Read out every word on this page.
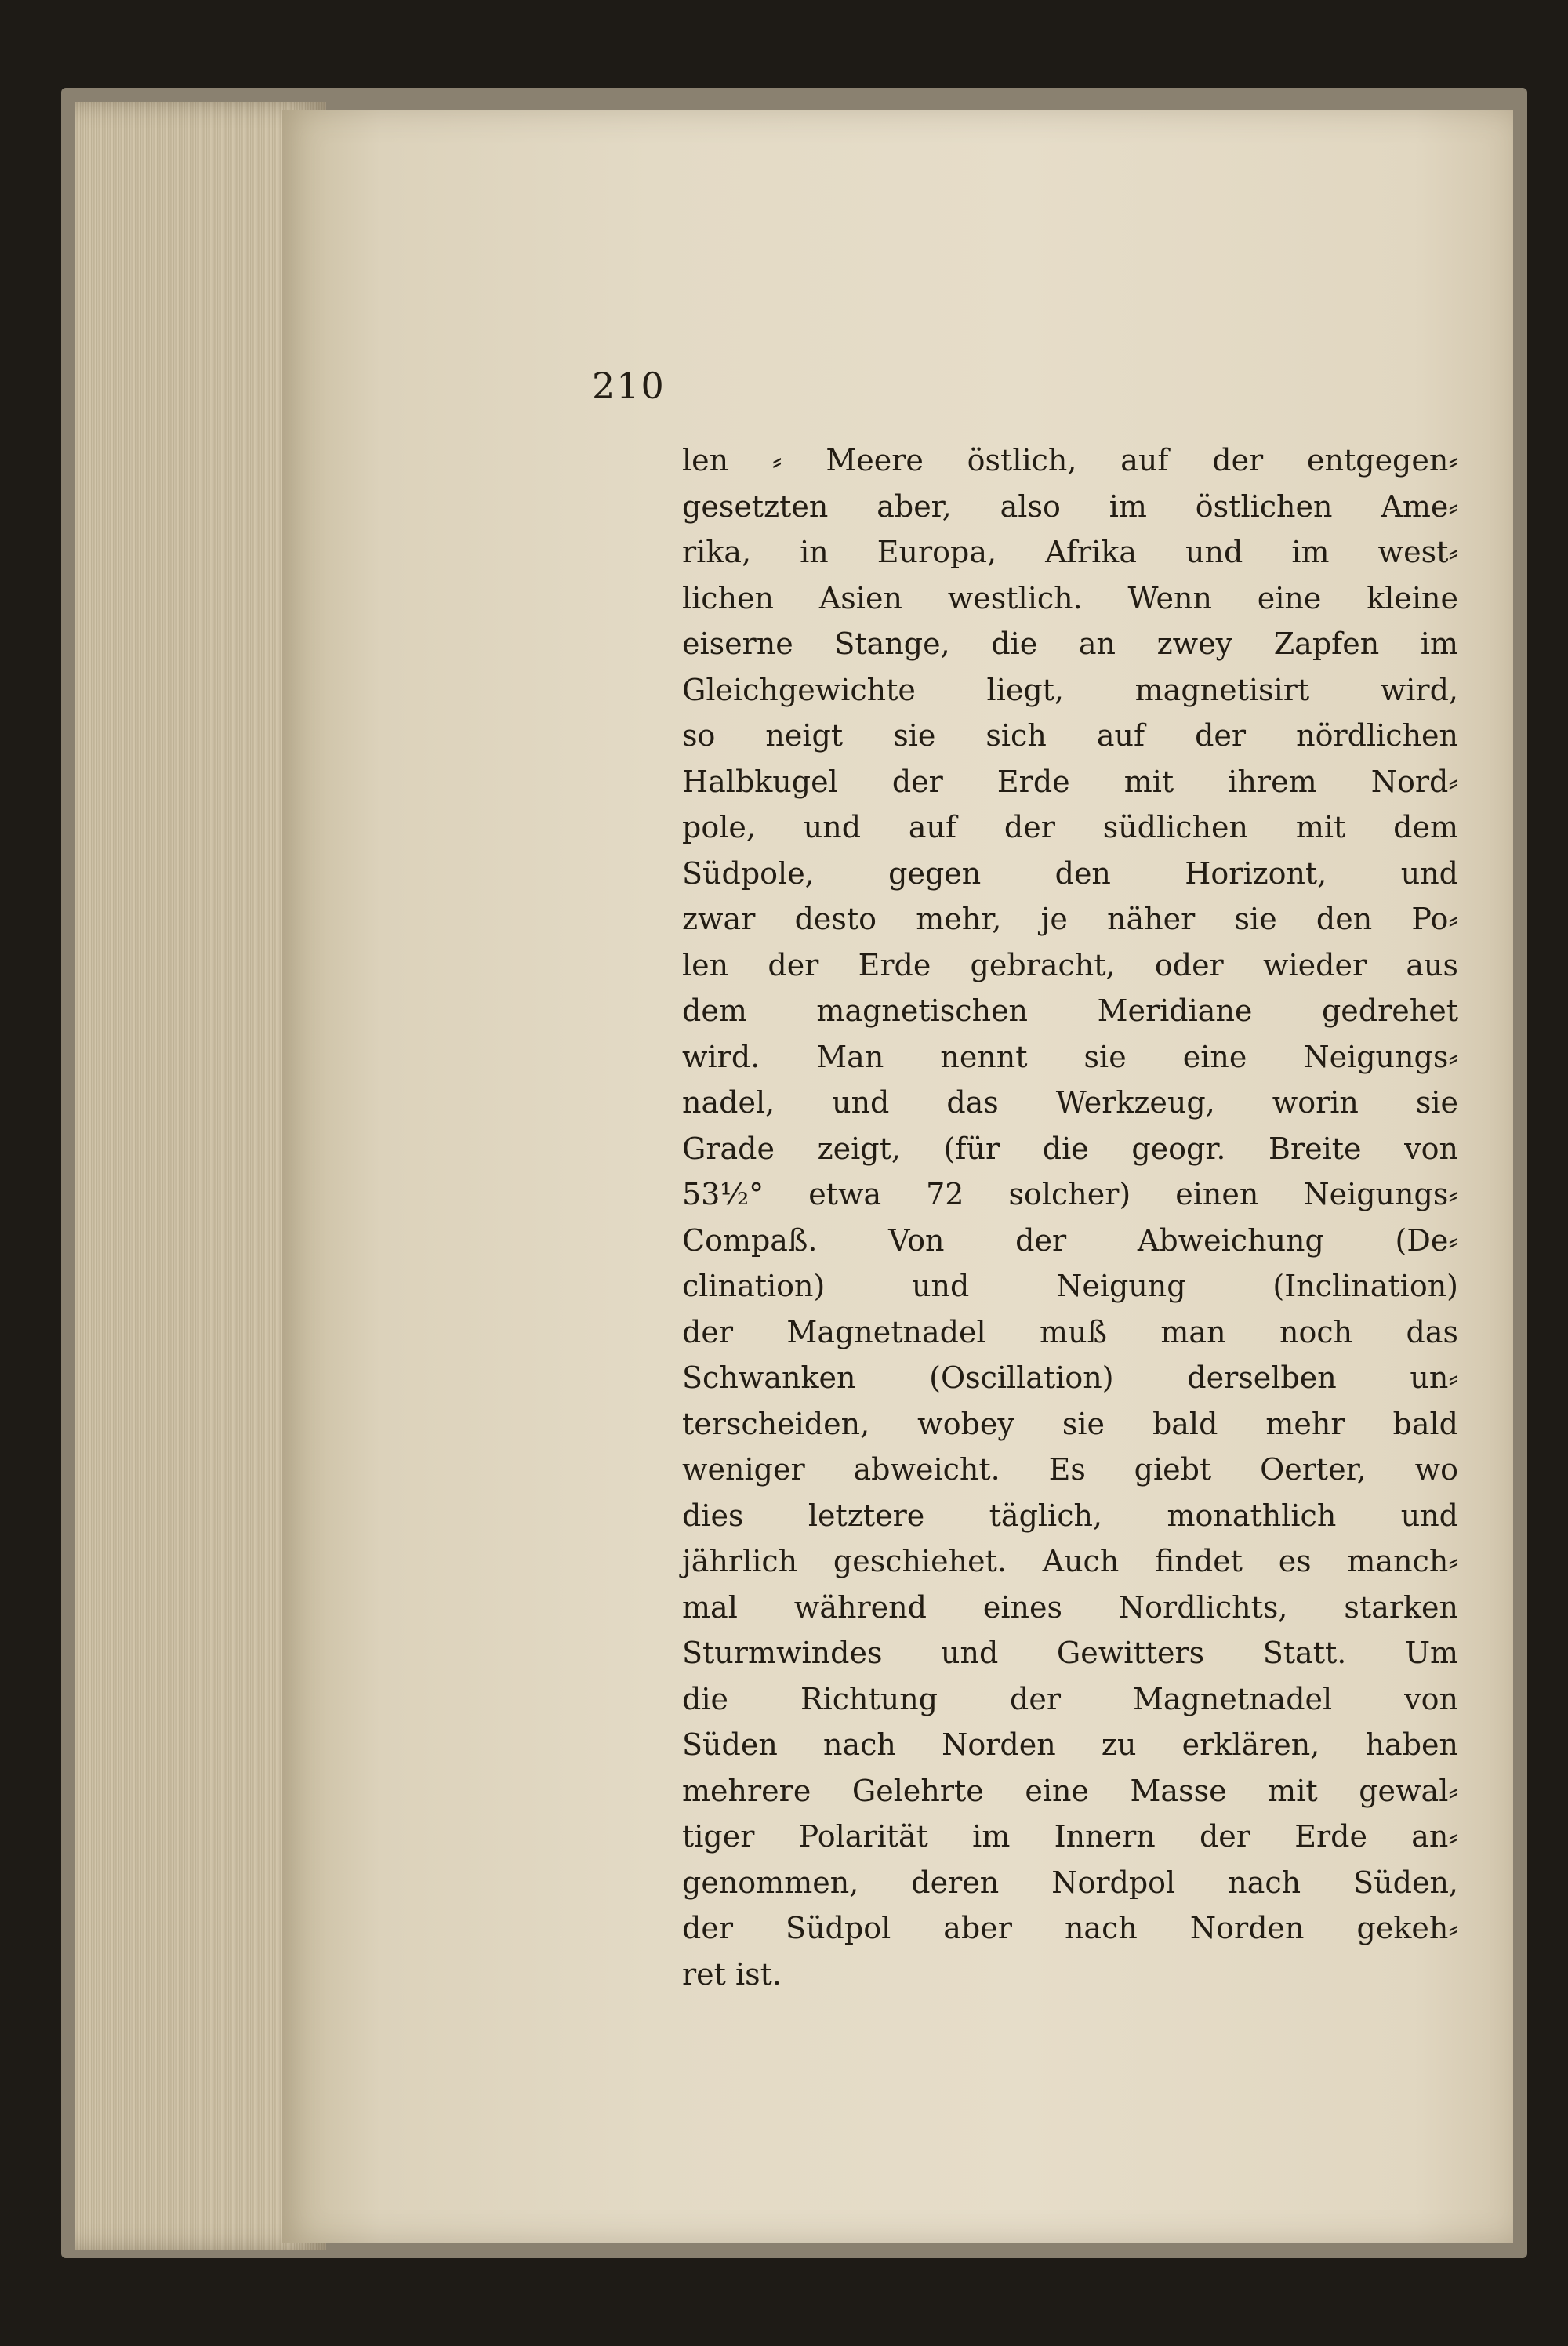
210
len ⸗ Meere östlich, auf der entgegen⸗
gesetzten aber, also im östlichen Ame⸗
rika, in Europa, Afrika und im west⸗
lichen Asien westlich. Wenn eine kleine
eiserne Stange, die an zwey Zapfen im
Gleichgewichte liegt, magnetisirt wird,
so neigt sie sich auf der nördlichen
Halbkugel der Erde mit ihrem Nord⸗
pole, und auf der südlichen mit dem
Südpole, gegen den Horizont, und
zwar desto mehr, je näher sie den Po⸗
len der Erde gebracht, oder wieder aus
dem magnetischen Meridiane gedrehet
wird. Man nennt sie eine Neigungs⸗
nadel, und das Werkzeug, worin sie
Grade zeigt, (für die geogr. Breite von
53½° etwa 72 solcher) einen Neigungs⸗
Compaß. Von der Abweichung (De⸗
clination) und Neigung (Inclination)
der Magnetnadel muß man noch das
Schwanken (Oscillation) derselben un⸗
terscheiden, wobey sie bald mehr bald
weniger abweicht. Es giebt Oerter, wo
dies letztere täglich, monathlich und
jährlich geschiehet. Auch findet es manch⸗
mal während eines Nordlichts, starken
Sturmwindes und Gewitters Statt. Um
die Richtung der Magnetnadel von
Süden nach Norden zu erklären, haben
mehrere Gelehrte eine Masse mit gewal⸗
tiger Polarität im Innern der Erde an⸗
genommen, deren Nordpol nach Süden,
der Südpol aber nach Norden gekeh⸗
ret ist.
